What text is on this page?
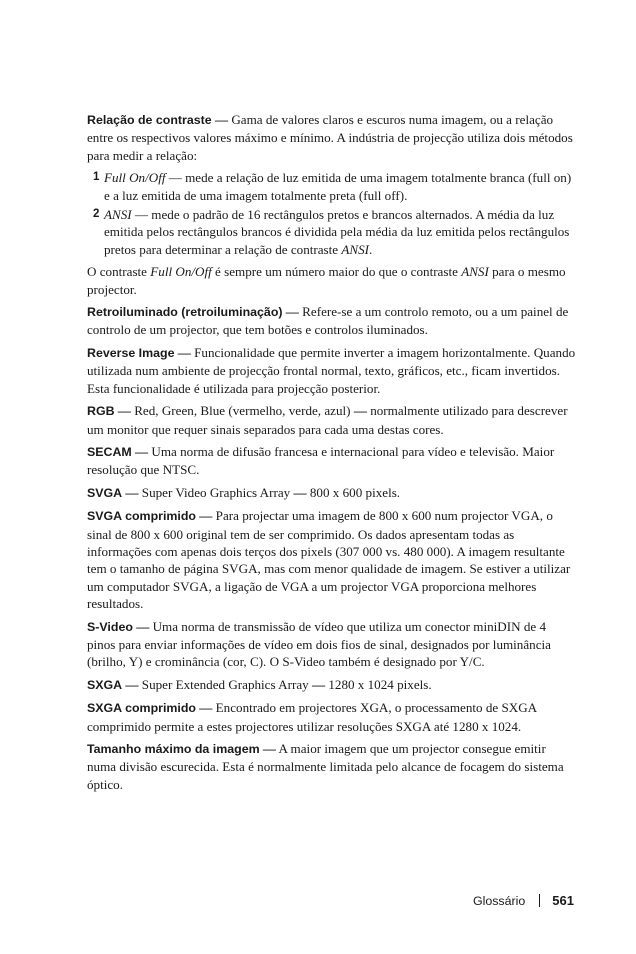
Relação de contraste — Gama de valores claros e escuros numa imagem, ou a relação entre os respectivos valores máximo e mínimo. A indústria de projecção utiliza dois métodos para medir a relação:

1 Full On/Off — mede a relação de luz emitida de uma imagem totalmente branca (full on) e a luz emitida de uma imagem totalmente preta (full off).
2 ANSI — mede o padrão de 16 rectângulos pretos e brancos alternados. A média da luz emitida pelos rectângulos brancos é dividida pela média da luz emitida pelos rectângulos pretos para determinar a relação de contraste ANSI.

O contraste Full On/Off é sempre um número maior do que o contraste ANSI para o mesmo projector.

Retroiluminado (retroiluminação) — Refere-se a um controlo remoto, ou a um painel de controlo de um projector, que tem botões e controlos iluminados.

Reverse Image — Funcionalidade que permite inverter a imagem horizontalmente. Quando utilizada num ambiente de projecção frontal normal, texto, gráficos, etc., ficam invertidos. Esta funcionalidade é utilizada para projecção posterior.

RGB — Red, Green, Blue (vermelho, verde, azul) — normalmente utilizado para descrever um monitor que requer sinais separados para cada uma destas cores.

SECAM — Uma norma de difusão francesa e internacional para vídeo e televisão. Maior resolução que NTSC.

SVGA — Super Video Graphics Array — 800 x 600 pixels.

SVGA comprimido — Para projectar uma imagem de 800 x 600 num projector VGA, o sinal de 800 x 600 original tem de ser comprimido. Os dados apresentam todas as informações com apenas dois terços dos pixels (307 000 vs. 480 000). A imagem resultante tem o tamanho de página SVGA, mas com menor qualidade de imagem. Se estiver a utilizar um computador SVGA, a ligação de VGA a um projector VGA proporciona melhores resultados.

S-Video — Uma norma de transmissão de vídeo que utiliza um conector miniDIN de 4 pinos para enviar informações de vídeo em dois fios de sinal, designados por luminância (brilho, Y) e crominância (cor, C). O S-Video também é designado por Y/C.

SXGA — Super Extended Graphics Array — 1280 x 1024 pixels.

SXGA comprimido — Encontrado em projectores XGA, o processamento de SXGA comprimido permite a estes projectores utilizar resoluções SXGA até 1280 x 1024.

Tamanho máximo da imagem — A maior imagem que um projector consegue emitir numa divisão escurecida. Esta é normalmente limitada pelo alcance de focagem do sistema óptico.

Glossário 561
